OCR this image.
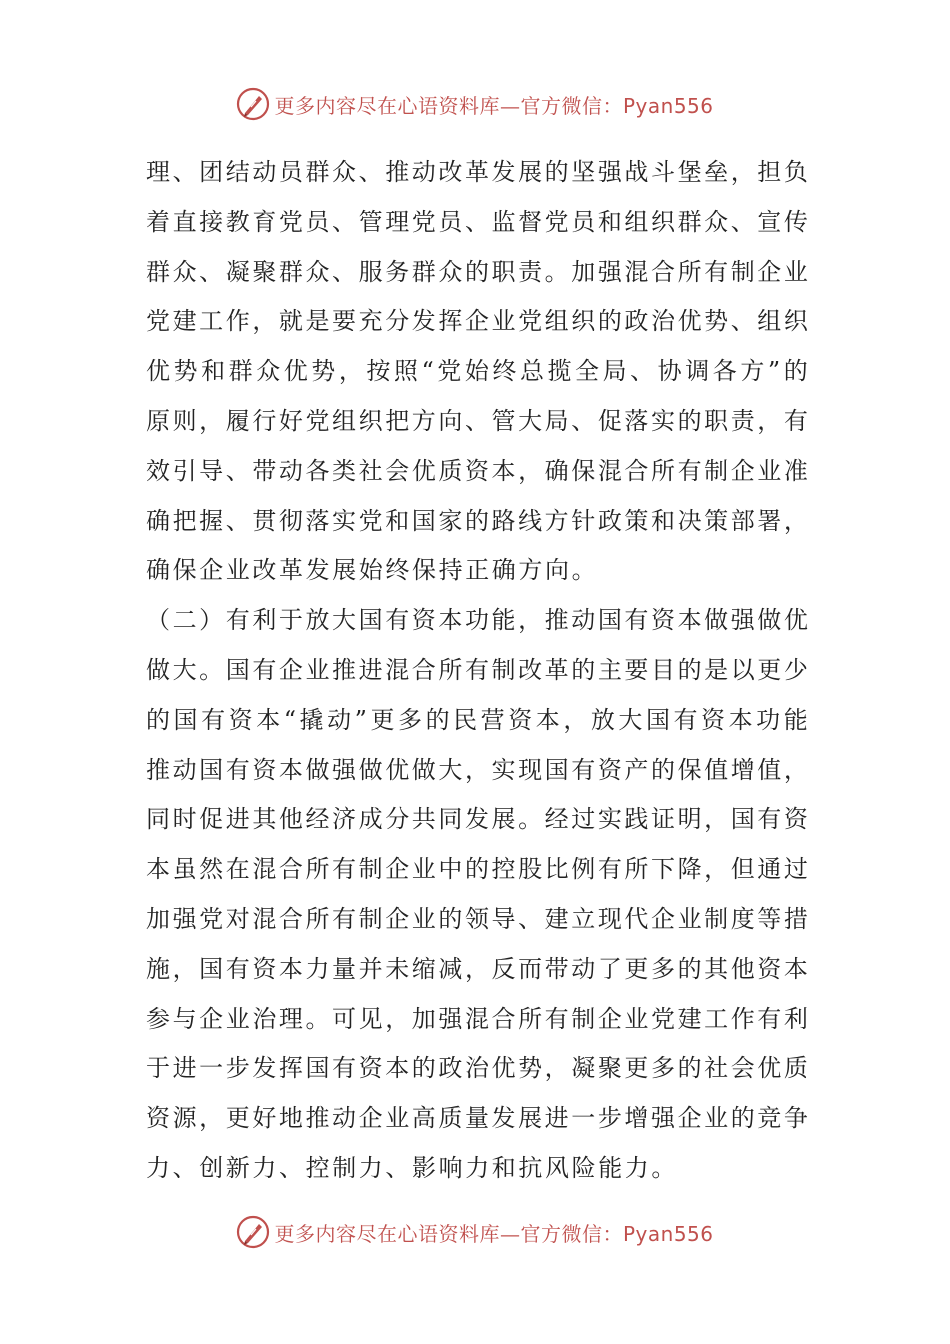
更多内容尽在心语资料库—官方微信：Pyan556
理 、 团 结 动 员 群 众 、 推 动 改 革 发 展 的 坚 强 战 斗 堡 垒 ， 担 负
着 直 接 教 育 党 员 、 管 理 党 员 、 监 督 党 员 和 组 织 群 众 、 宣 传
群 众 、 凝 聚 群 众 、 服 务 群 众 的 职 责 。 加 强 混 合 所 有 制 企 业
党 建 工 作 ， 就 是 要 充 分 发 挥 企 业 党 组 织 的 政 治 优 势 、 组 织
优 势 和 群 众 优 势 ， 按 照 “ 党 始 终 总 揽 全 局 、 协 调 各 方 ” 的
原 则 ， 履 行 好 党 组 织 把 方 向 、 管 大 局 、 促 落 实 的 职 责 ， 有
效 引 导 、 带 动 各 类 社 会 优 质 资 本 ， 确 保 混 合 所 有 制 企 业 准
确 把 握 、 贯 彻 落 实 党 和 国 家 的 路 线 方 针 政 策 和 决 策 部 署 ，
确保企业改革发展始终保持正确方向。
（ 二 ） 有 利 于 放 大 国 有 资 本 功 能 ， 推 动 国 有 资 本 做 强 做 优
做 大 。 国 有 企 业 推 进 混 合 所 有 制 改 革 的 主 要 目 的 是 以 更 少
的 国 有 资 本 “ 撬 动 ” 更 多 的 民 营 资 本 ， 放 大 国 有 资 本 功 能
推 动 国 有 资 本 做 强 做 优 做 大 ， 实 现 国 有 资 产 的 保 值 增 值 ，
同 时 促 进 其 他 经 济 成 分 共 同 发 展 。 经 过 实 践 证 明 ， 国 有 资
本 虽 然 在 混 合 所 有 制 企 业 中 的 控 股 比 例 有 所 下 降 ， 但 通 过
加 强 党 对 混 合 所 有 制 企 业 的 领 导 、 建 立 现 代 企 业 制 度 等 措
施 ， 国 有 资 本 力 量 并 未 缩 减 ， 反 而 带 动 了 更 多 的 其 他 资 本
参 与 企 业 治 理 。 可 见 ， 加 强 混 合 所 有 制 企 业 党 建 工 作 有 利
于 进 一 步 发 挥 国 有 资 本 的 政 治 优 势 ， 凝 聚 更 多 的 社 会 优 质
资 源 ， 更 好 地 推 动 企 业 高 质 量 发 展 进 一 步 增 强 企 业 的 竞 争
力、创新力、控制力、影响力和抗风险能力。
更多内容尽在心语资料库—官方微信：Pyan556
